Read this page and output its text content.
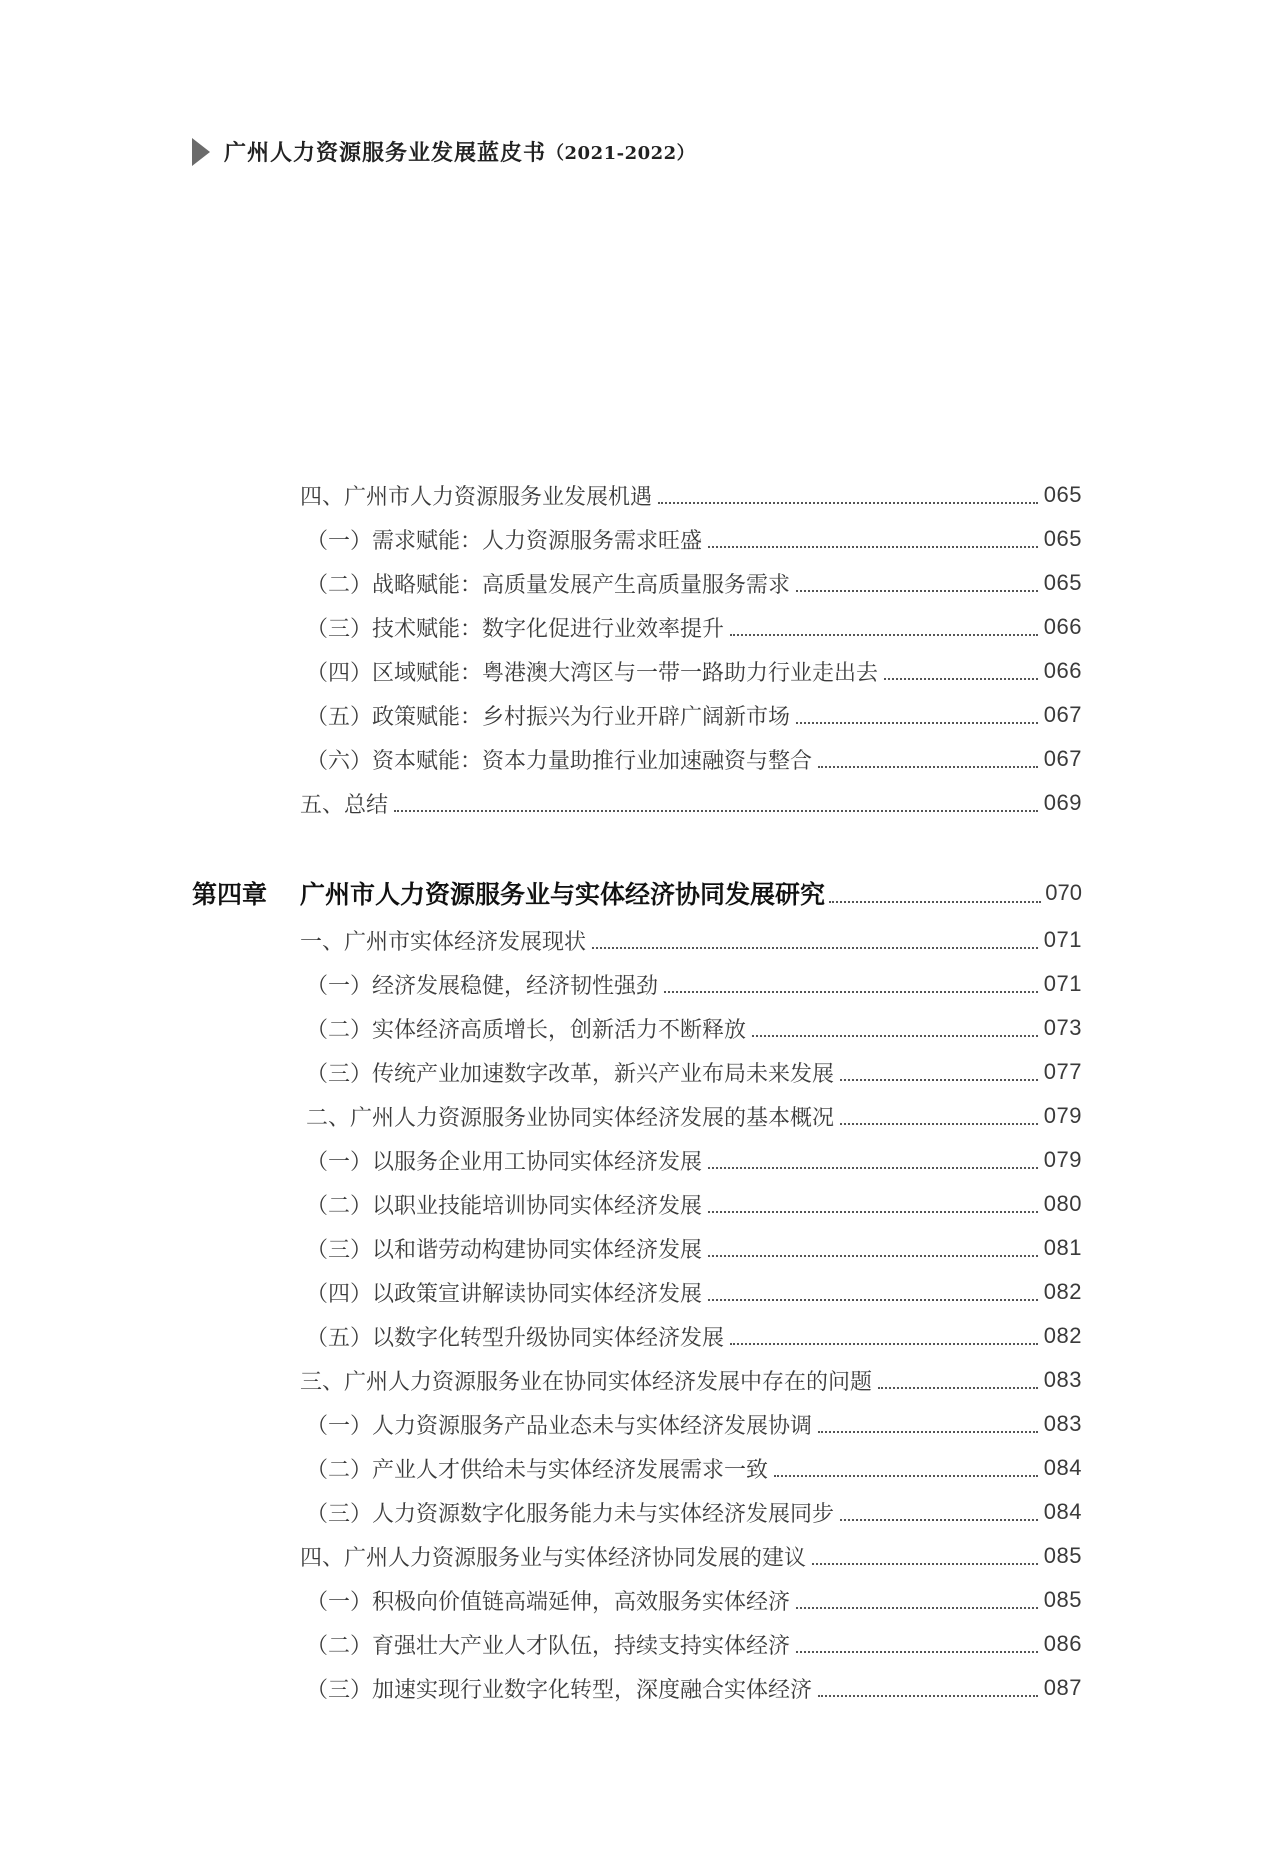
广州人力资源服务业发展蓝皮书 （2021-2022）
四、广州市人力资源服务业发展机遇	065
（一）需求赋能：人力资源服务需求旺盛	065
（二）战略赋能：高质量发展产生高质量服务需求	065
（三）技术赋能：数字化促进行业效率提升	066
（四）区域赋能：粤港澳大湾区与一带一路助力行业走出去	066
（五）政策赋能：乡村振兴为行业开辟广阔新市场	067
（六）资本赋能：资本力量助推行业加速融资与整合	067
五、总结	069
第四章	广州市人力资源服务业与实体经济协同发展研究	070
一、广州市实体经济发展现状	071
（一）经济发展稳健，经济韧性强劲	071
（二）实体经济高质增长，创新活力不断释放	073
（三）传统产业加速数字改革，新兴产业布局未来发展	077
二、广州人力资源服务业协同实体经济发展的基本概况	079
（一）以服务企业用工协同实体经济发展	079
（二）以职业技能培训协同实体经济发展	080
（三）以和谐劳动构建协同实体经济发展	081
（四）以政策宣讲解读协同实体经济发展	082
（五）以数字化转型升级协同实体经济发展	082
三、广州人力资源服务业在协同实体经济发展中存在的问题	083
（一）人力资源服务产品业态未与实体经济发展协调	083
（二）产业人才供给未与实体经济发展需求一致	084
（三）人力资源数字化服务能力未与实体经济发展同步	084
四、广州人力资源服务业与实体经济协同发展的建议	085
（一）积极向价值链高端延伸，高效服务实体经济	085
（二）育强壮大产业人才队伍，持续支持实体经济	086
（三）加速实现行业数字化转型，深度融合实体经济	087
